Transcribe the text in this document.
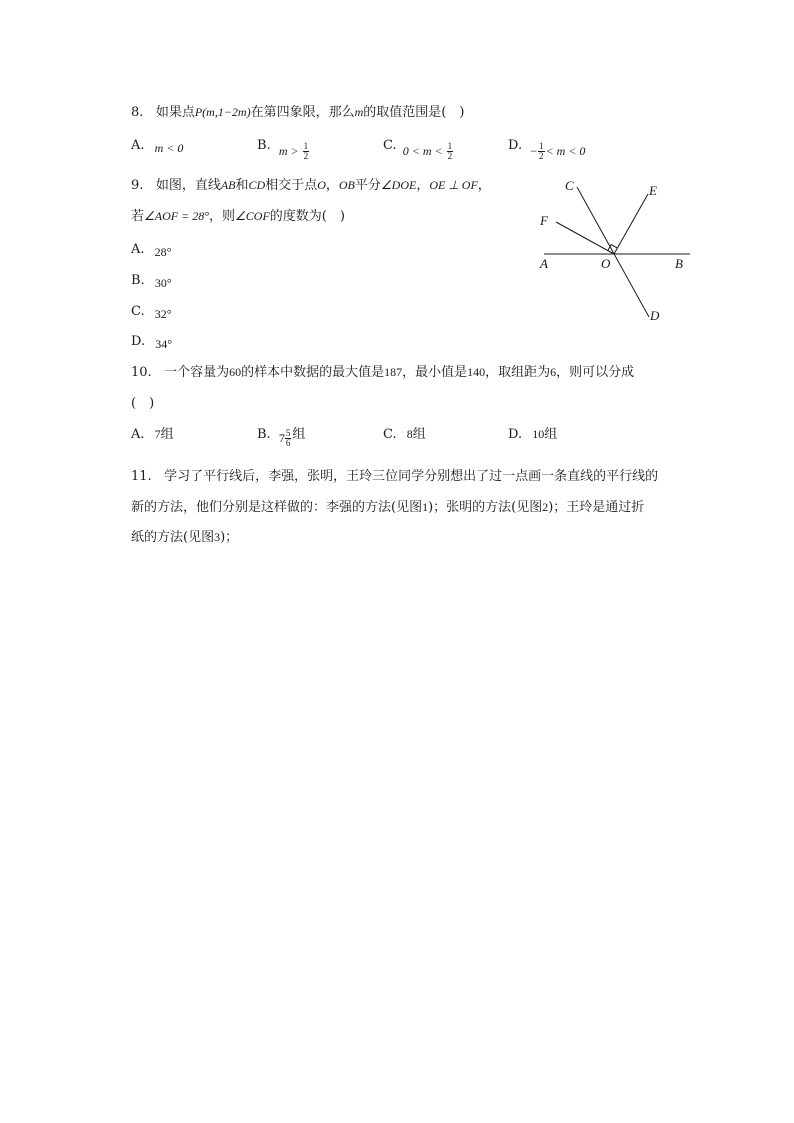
8. 如果点P(m,1−2m)在第四象限，那么m的取值范围是(　)
A. m < 0	B. $m > \frac{1}{2}$	C. $0 < m < \frac{1}{2}$	D. − $\frac{1}{2} < m < 0$
9. 如图，直线AB和CD相交于点O，OB平分∠DOE，OE ⊥ OF，
若∠AOF = 28°，则∠COF的度数为(　)
A. 28°
B. 30°
C. 32°
D. 34°
C	E
F
A	O	B
D
10. 一个容量为60的样本中数据的最大值是187，最小值是140，取组距为6，则可以分成
(　)
A. 7组	B. $7 \frac{5}{6}$ 组	C. 8组	D. 10组
11. 学习了平行线后，李强，张明，王玲三位同学分别想出了过一点画一条直线的平行线的
新的方法，他们分别是这样做的：李强的方法(见图1)；张明的方法(见图2)；王玲是通过折
纸的方法(见图3)；
